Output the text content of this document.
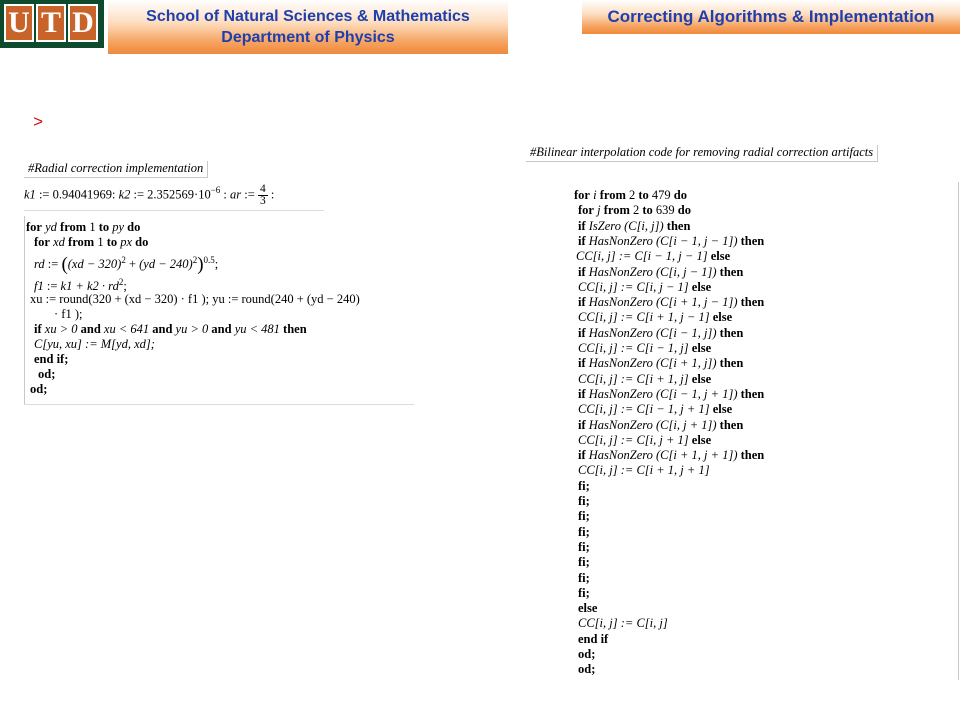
U T D	School of Natural Sciences & Mathematics
Department of Physics
Correcting Algorithms & Implementation
>
#Radial correction implementation
k1 := 0.94041969: k2 := $2.352569\cdot 10^{-6}$ : ar := $\frac{4}{3}$ :
for yd from 1 to py do
for xd from 1 to px do
rd := $((xd - 320)^2 + (yd - 240)^2)^{0.5}$;
f1 := $k1 + k2 \cdot rd^2$;
xu := round(320 + (xd − 320) · f1 ); yu := round(240 + (yd − 240)
· f1 );
if xu > 0 and xu < 641 and yu > 0 and yu < 481 then
C[yu, xu] := M[yd, xd];
end if;
od;
od;
#Bilinear interpolation code for removing radial correction artifacts
for i from 2 to 479 do
for j from 2 to 639 do
if IsZero (C[i, j]) then
if HasNonZero (C[i − 1, j − 1]) then
CC[i, j] := C[i − 1, j − 1] else
if HasNonZero (C[i, j − 1]) then
CC[i, j] := C[i, j − 1] else
if HasNonZero (C[i + 1, j − 1]) then
CC[i, j] := C[i + 1, j − 1] else
if HasNonZero (C[i − 1, j]) then
CC[i, j] := C[i − 1, j] else
if HasNonZero (C[i + 1, j]) then
CC[i, j] := C[i + 1, j] else
if HasNonZero (C[i − 1, j + 1]) then
CC[i, j] := C[i − 1, j + 1] else
if HasNonZero (C[i, j + 1]) then
CC[i, j] := C[i, j + 1] else
if HasNonZero (C[i + 1, j + 1]) then
CC[i, j] := C[i + 1, j + 1]
fi;
fi;
fi;
fi;
fi;
fi;
fi;
fi;
else
CC[i, j] := C[i, j]
end if
od;
od;
